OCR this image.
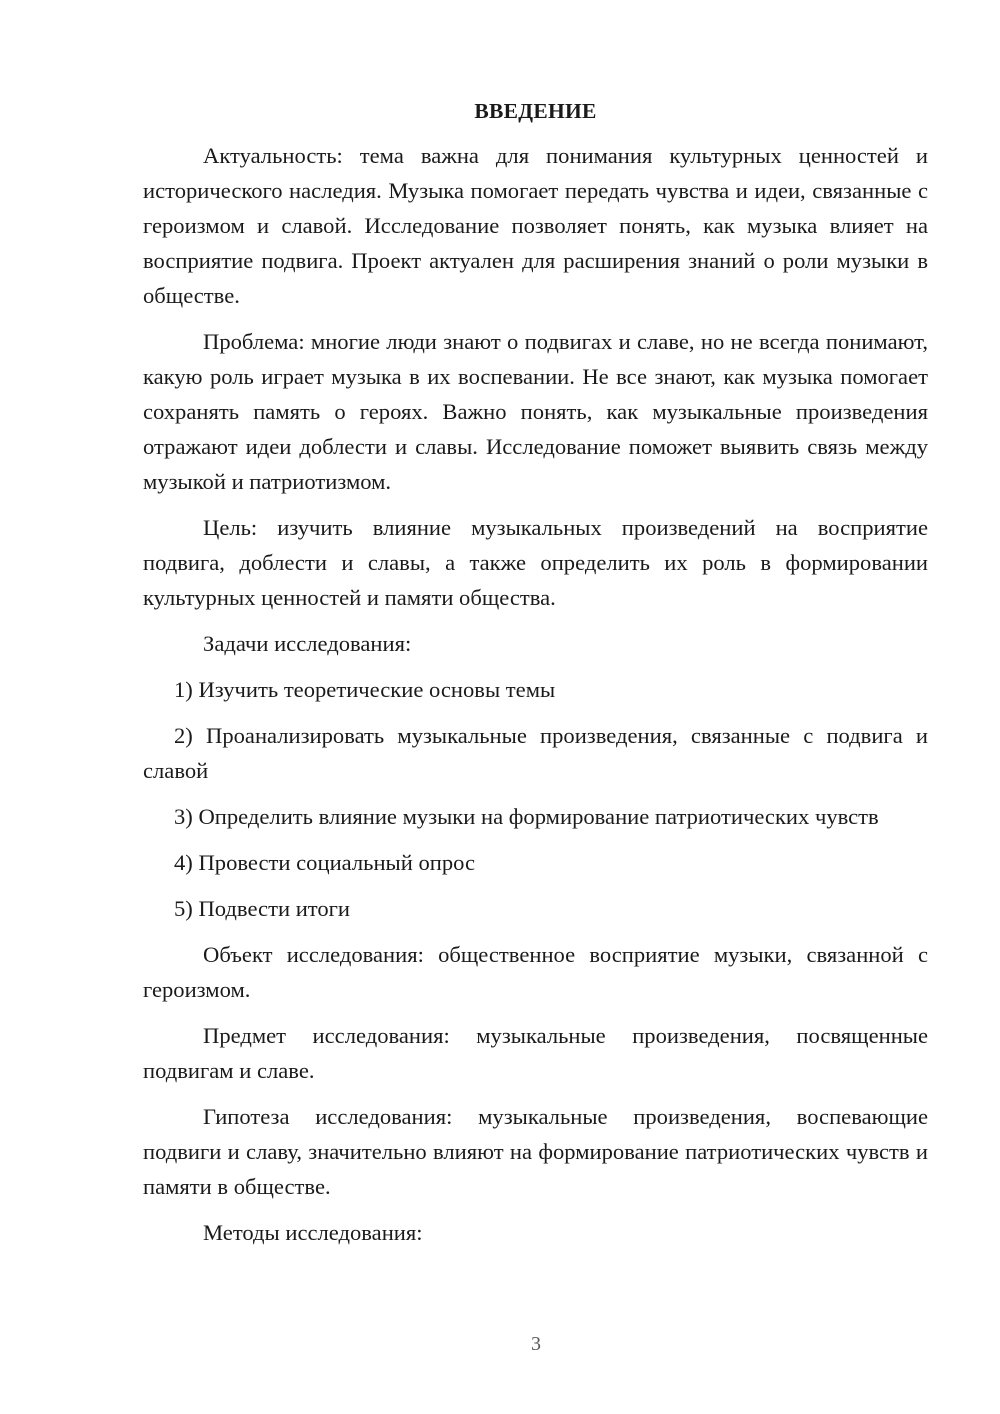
ВВЕДЕНИЕ

Актуальность: тема важна для понимания культурных ценностей и исторического наследия. Музыка помогает передать чувства и идеи, связанные с героизмом и славой. Исследование позволяет понять, как музыка влияет на восприятие подвига. Проект актуален для расширения знаний о роли музыки в обществе.

Проблема: многие люди знают о подвигах и славе, но не всегда понимают, какую роль играет музыка в их воспевании. Не все знают, как музыка помогает сохранять память о героях. Важно понять, как музыкальные произведения отражают идеи доблести и славы. Исследование поможет выявить связь между музыкой и патриотизмом.

Цель: изучить влияние музыкальных произведений на восприятие подвига, доблести и славы, а также определить их роль в формировании культурных ценностей и памяти общества.

Задачи исследования:

1) Изучить теоретические основы темы

2) Проанализировать музыкальные произведения, связанные с подвига и славой

3) Определить влияние музыки на формирование патриотических чувств

4) Провести социальный опрос

5) Подвести итоги

Объект исследования: общественное восприятие музыки, связанной с героизмом.

Предмет исследования: музыкальные произведения, посвященные подвигам и славе.

Гипотеза исследования: музыкальные произведения, воспевающие подвиги и славу, значительно влияют на формирование патриотических чувств и памяти в обществе.

Методы исследования:

3
